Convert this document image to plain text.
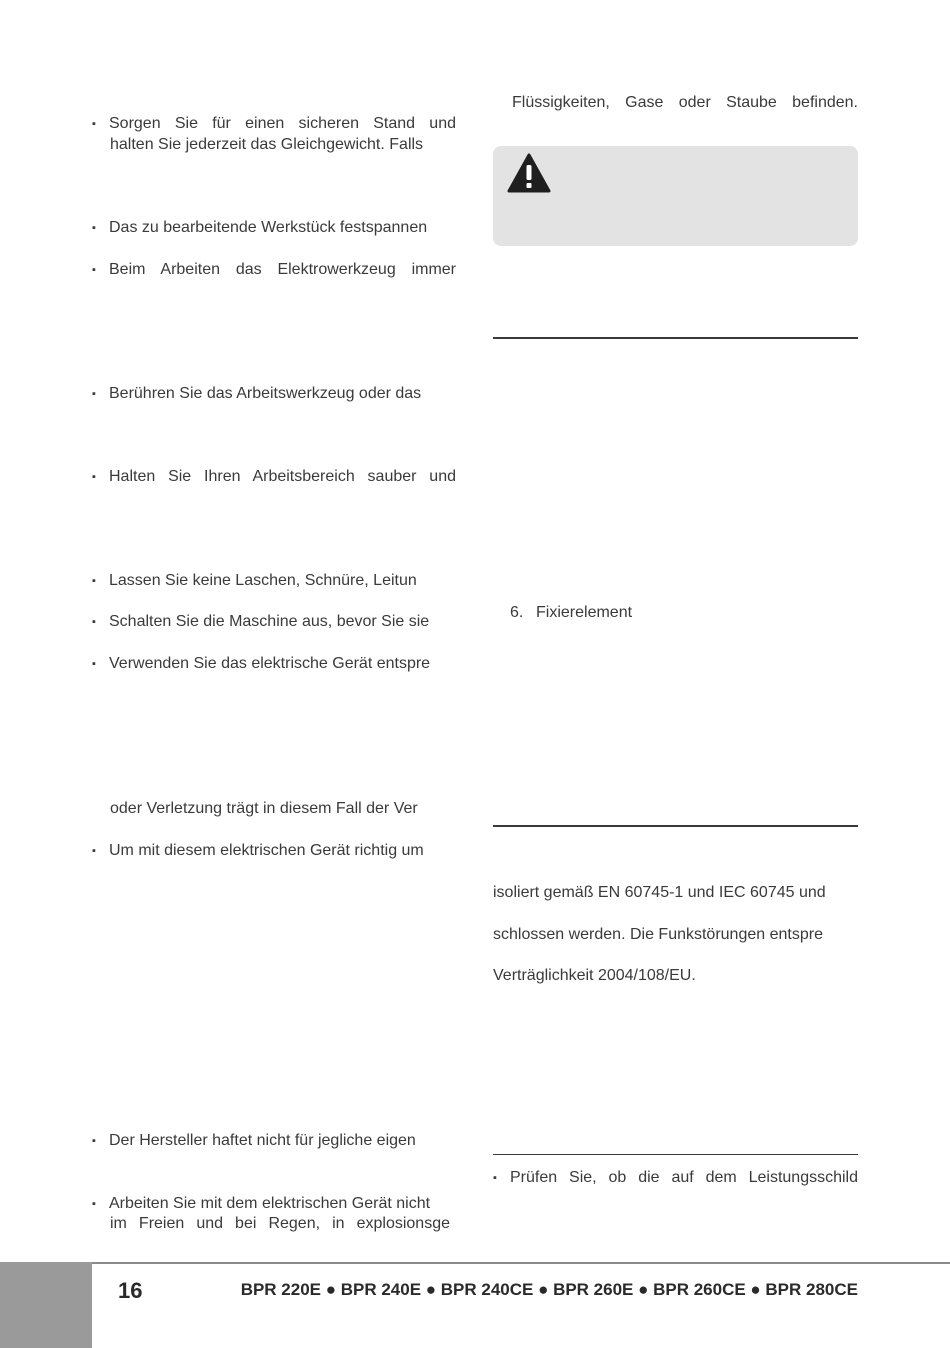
▪ Sorgen Sie für einen sicheren Stand und
halten Sie jederzeit das Gleichgewicht. Falls
▪ Das zu bearbeitende Werkstück festspannen
▪ Beim Arbeiten das Elektrowerkzeug immer
▪ Berühren Sie das Arbeitswerkzeug oder das
▪ Halten Sie Ihren Arbeitsbereich sauber und
▪ Lassen Sie keine Laschen, Schnüre, Leitun
▪ Schalten Sie die Maschine aus, bevor Sie sie
▪ Verwenden Sie das elektrische Gerät entspre
oder Verletzung trägt in diesem Fall der Ver
▪ Um mit diesem elektrischen Gerät richtig um
▪ Der Hersteller haftet nicht für jegliche eigen
▪ Arbeiten Sie mit dem elektrischen Gerät nicht
im Freien und bei Regen, in explosionsge
Flüssigkeiten, Gase oder Staube befinden.
6. Fixierelement
isoliert gemäß EN 60745-1 und IEC 60745 und
schlossen werden. Die Funkstörungen entspre
Verträglichkeit 2004/108/EU.
▪ Prüfen Sie, ob die auf dem Leistungsschild
16	BPR 220E ● BPR 240E ● BPR 240CE ● BPR 260E ● BPR 260CE ● BPR 280CE
